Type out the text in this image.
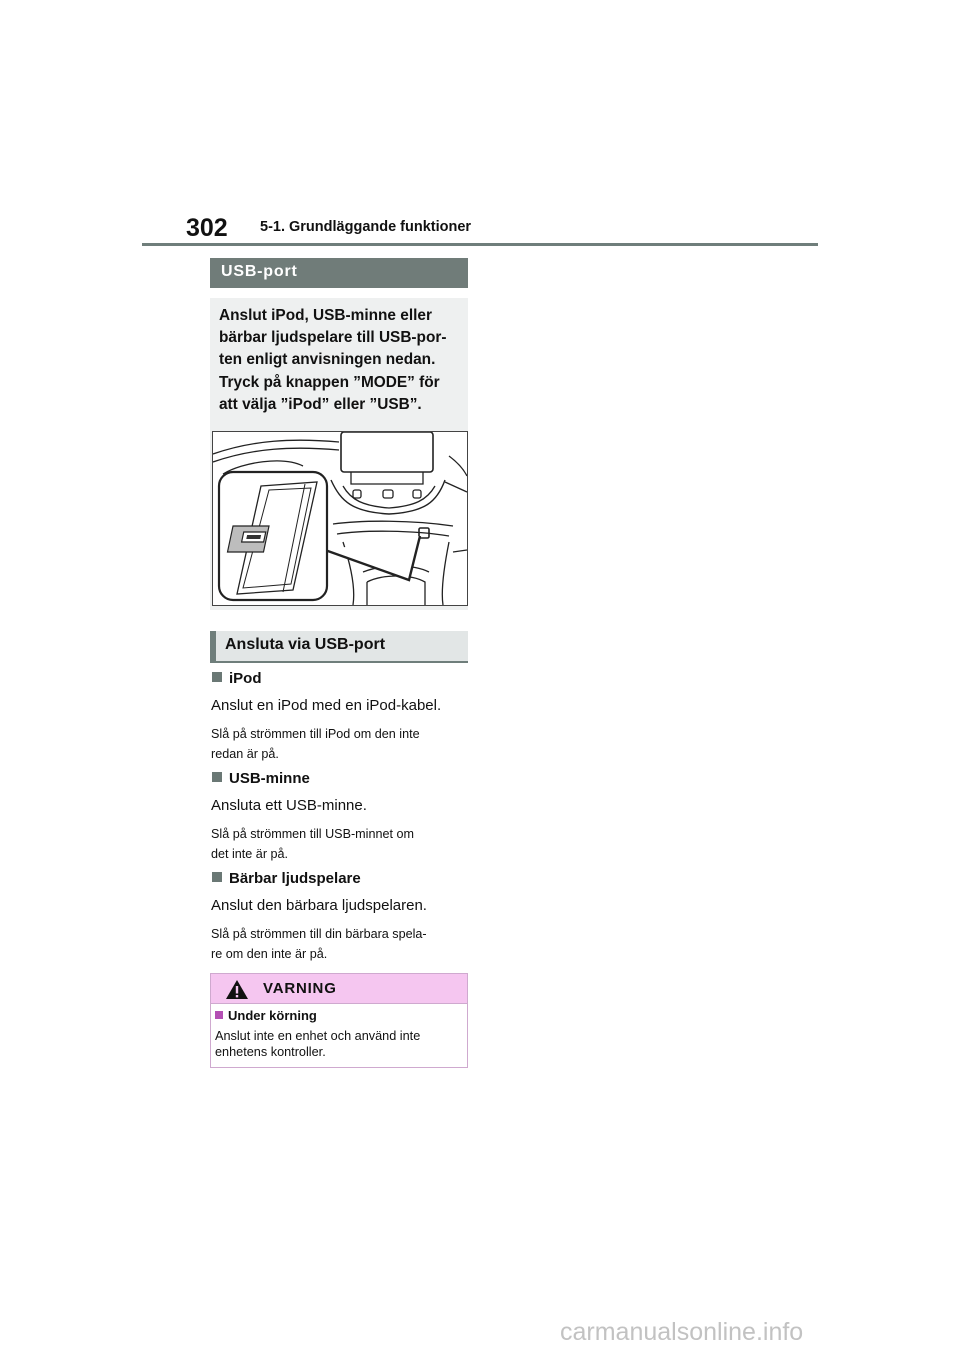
302 5-1. Grundläggande funktioner
USB-port
Anslut iPod, USB-minne eller
bärbar ljudspelare till USB-por-
ten enligt anvisningen nedan.
Tryck på knappen ”MODE” för
att välja ”iPod” eller ”USB”.
Ansluta via USB-port
iPod
Anslut en iPod med en iPod-kabel.
Slå på strömmen till iPod om den inte
redan är på.
USB-minne
Ansluta ett USB-minne.
Slå på strömmen till USB-minnet om
det inte är på.
Bärbar ljudspelare
Anslut den bärbara ljudspelaren.
Slå på strömmen till din bärbara spela-
re om den inte är på.
VARNING
Under körning
Anslut inte en enhet och använd inte
enhetens kontroller.
carmanualsonline.info
